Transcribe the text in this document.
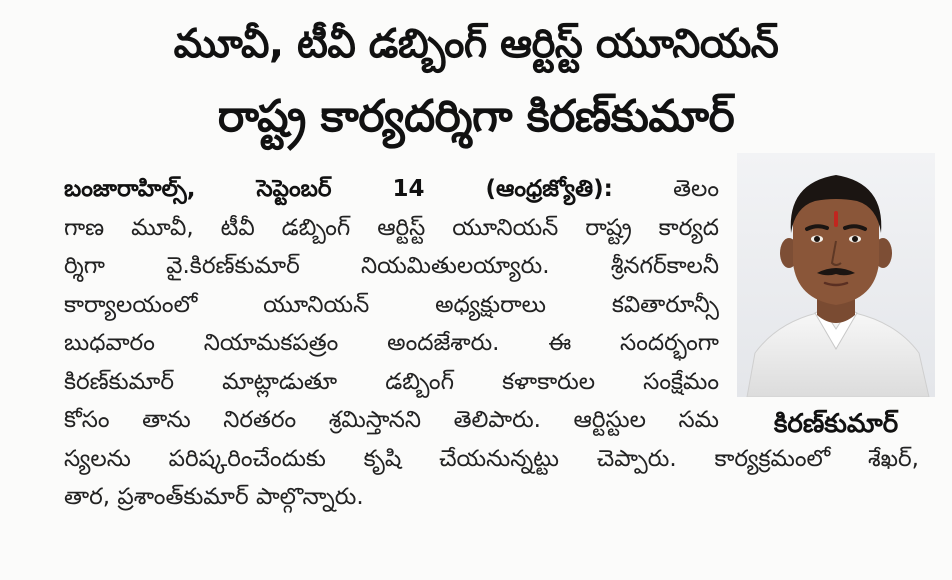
మూవీ, టీవీ డబ్బింగ్ ఆర్టిస్ట్ యూనియన్
రాష్ట్ర కార్యదర్శిగా కిరణ్‌కుమార్
బంజారాహిల్స్, సెప్టెంబర్ 14 (ఆంధ్రజ్యోతి):	తెలం
గాణ మూవీ, టీవీ డబ్బింగ్ ఆర్టిస్ట్ యూనియన్ రాష్ట్ర కార్యద
ర్శిగా వై.కిరణ్‌కుమార్ నియమితులయ్యారు. శ్రీనగర్‌కాలనీ
కార్యాలయంలో యూనియన్ అధ్యక్షురాలు కవితారూన్సీ
బుధవారం నియామకపత్రం అందజేశారు. ఈ సందర్భంగా
కిరణ్‌కుమార్ మాట్లాడుతూ డబ్బింగ్ కళాకారుల సంక్షేమం
కోసం తాను నిరతరం శ్రమిస్తానని తెలిపారు. ఆర్టిస్టుల సమ
స్యలను పరిష్కరించేందుకు కృషి చేయనున్నట్టు చెప్పారు. కార్యక్రమంలో శేఖర్,
తార, ప్రశాంత్‌కుమార్ పాల్గొన్నారు.
కిరణ్‌కుమార్
